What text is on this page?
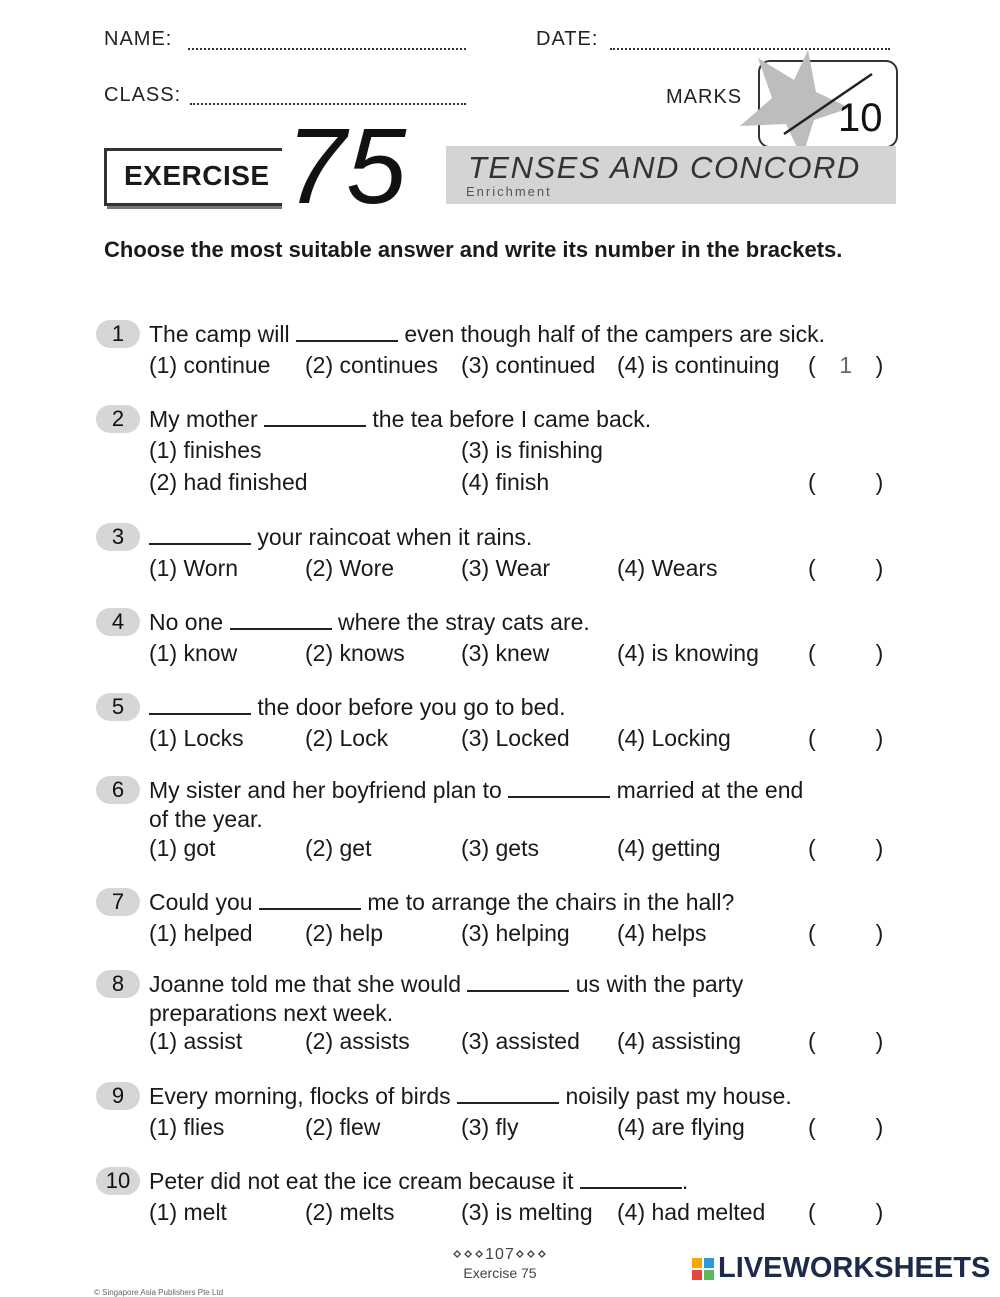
NAME:	DATE:
CLASS:	MARKS 10
EXERCISE 75 TENSES AND CONCORD
Enrichment
Choose the most suitable answer and write its number in the brackets.
1	The camp will	even though half of the campers are sick.
(1) continue (2) continues (3) continued (4) is continuing ( 1 )
2	My mother	the tea before I came back.
(1) finishes
(2) had finished
(3) is finishing
(4) finish	(	)
3	your raincoat when it rains.
(1) Worn	(2) Wore	(3) Wear	(4) Wears	(	)
4	No one	where the stray cats are.
(1) know	(2) knows (3) knew	(4) is knowing (	)
5	the door before you go to bed.
(1) Locks	(2) Lock	(3) Locked (4) Locking	(	)
6	My sister and her boyfriend plan to	married at the end
of the year.
(1) got	(2) get	(3) gets	(4) getting	(	)
7	Could you	me to arrange the chairs in the hall?
(1) helped (2) help	(3) helping (4) helps	(	)
8	Joanne told me that she would	us with the party
preparations next week.
(1) assist	(2) assists (3) assisted (4) assisting	(	)
9	Every morning, flocks of birds	noisily past my house.
(1) flies	(2) flew	(3) fly	(4) are flying	(	)
10 Peter did not eat the ice cream because it	.
(1) melt	(2) melts	(3) is melting (4) had melted (	)
⋄⋄⋄107⋄⋄⋄
Exercise 75	LIVEWORKSHEETS
© Singapore Asia Publishers Pte Ltd
